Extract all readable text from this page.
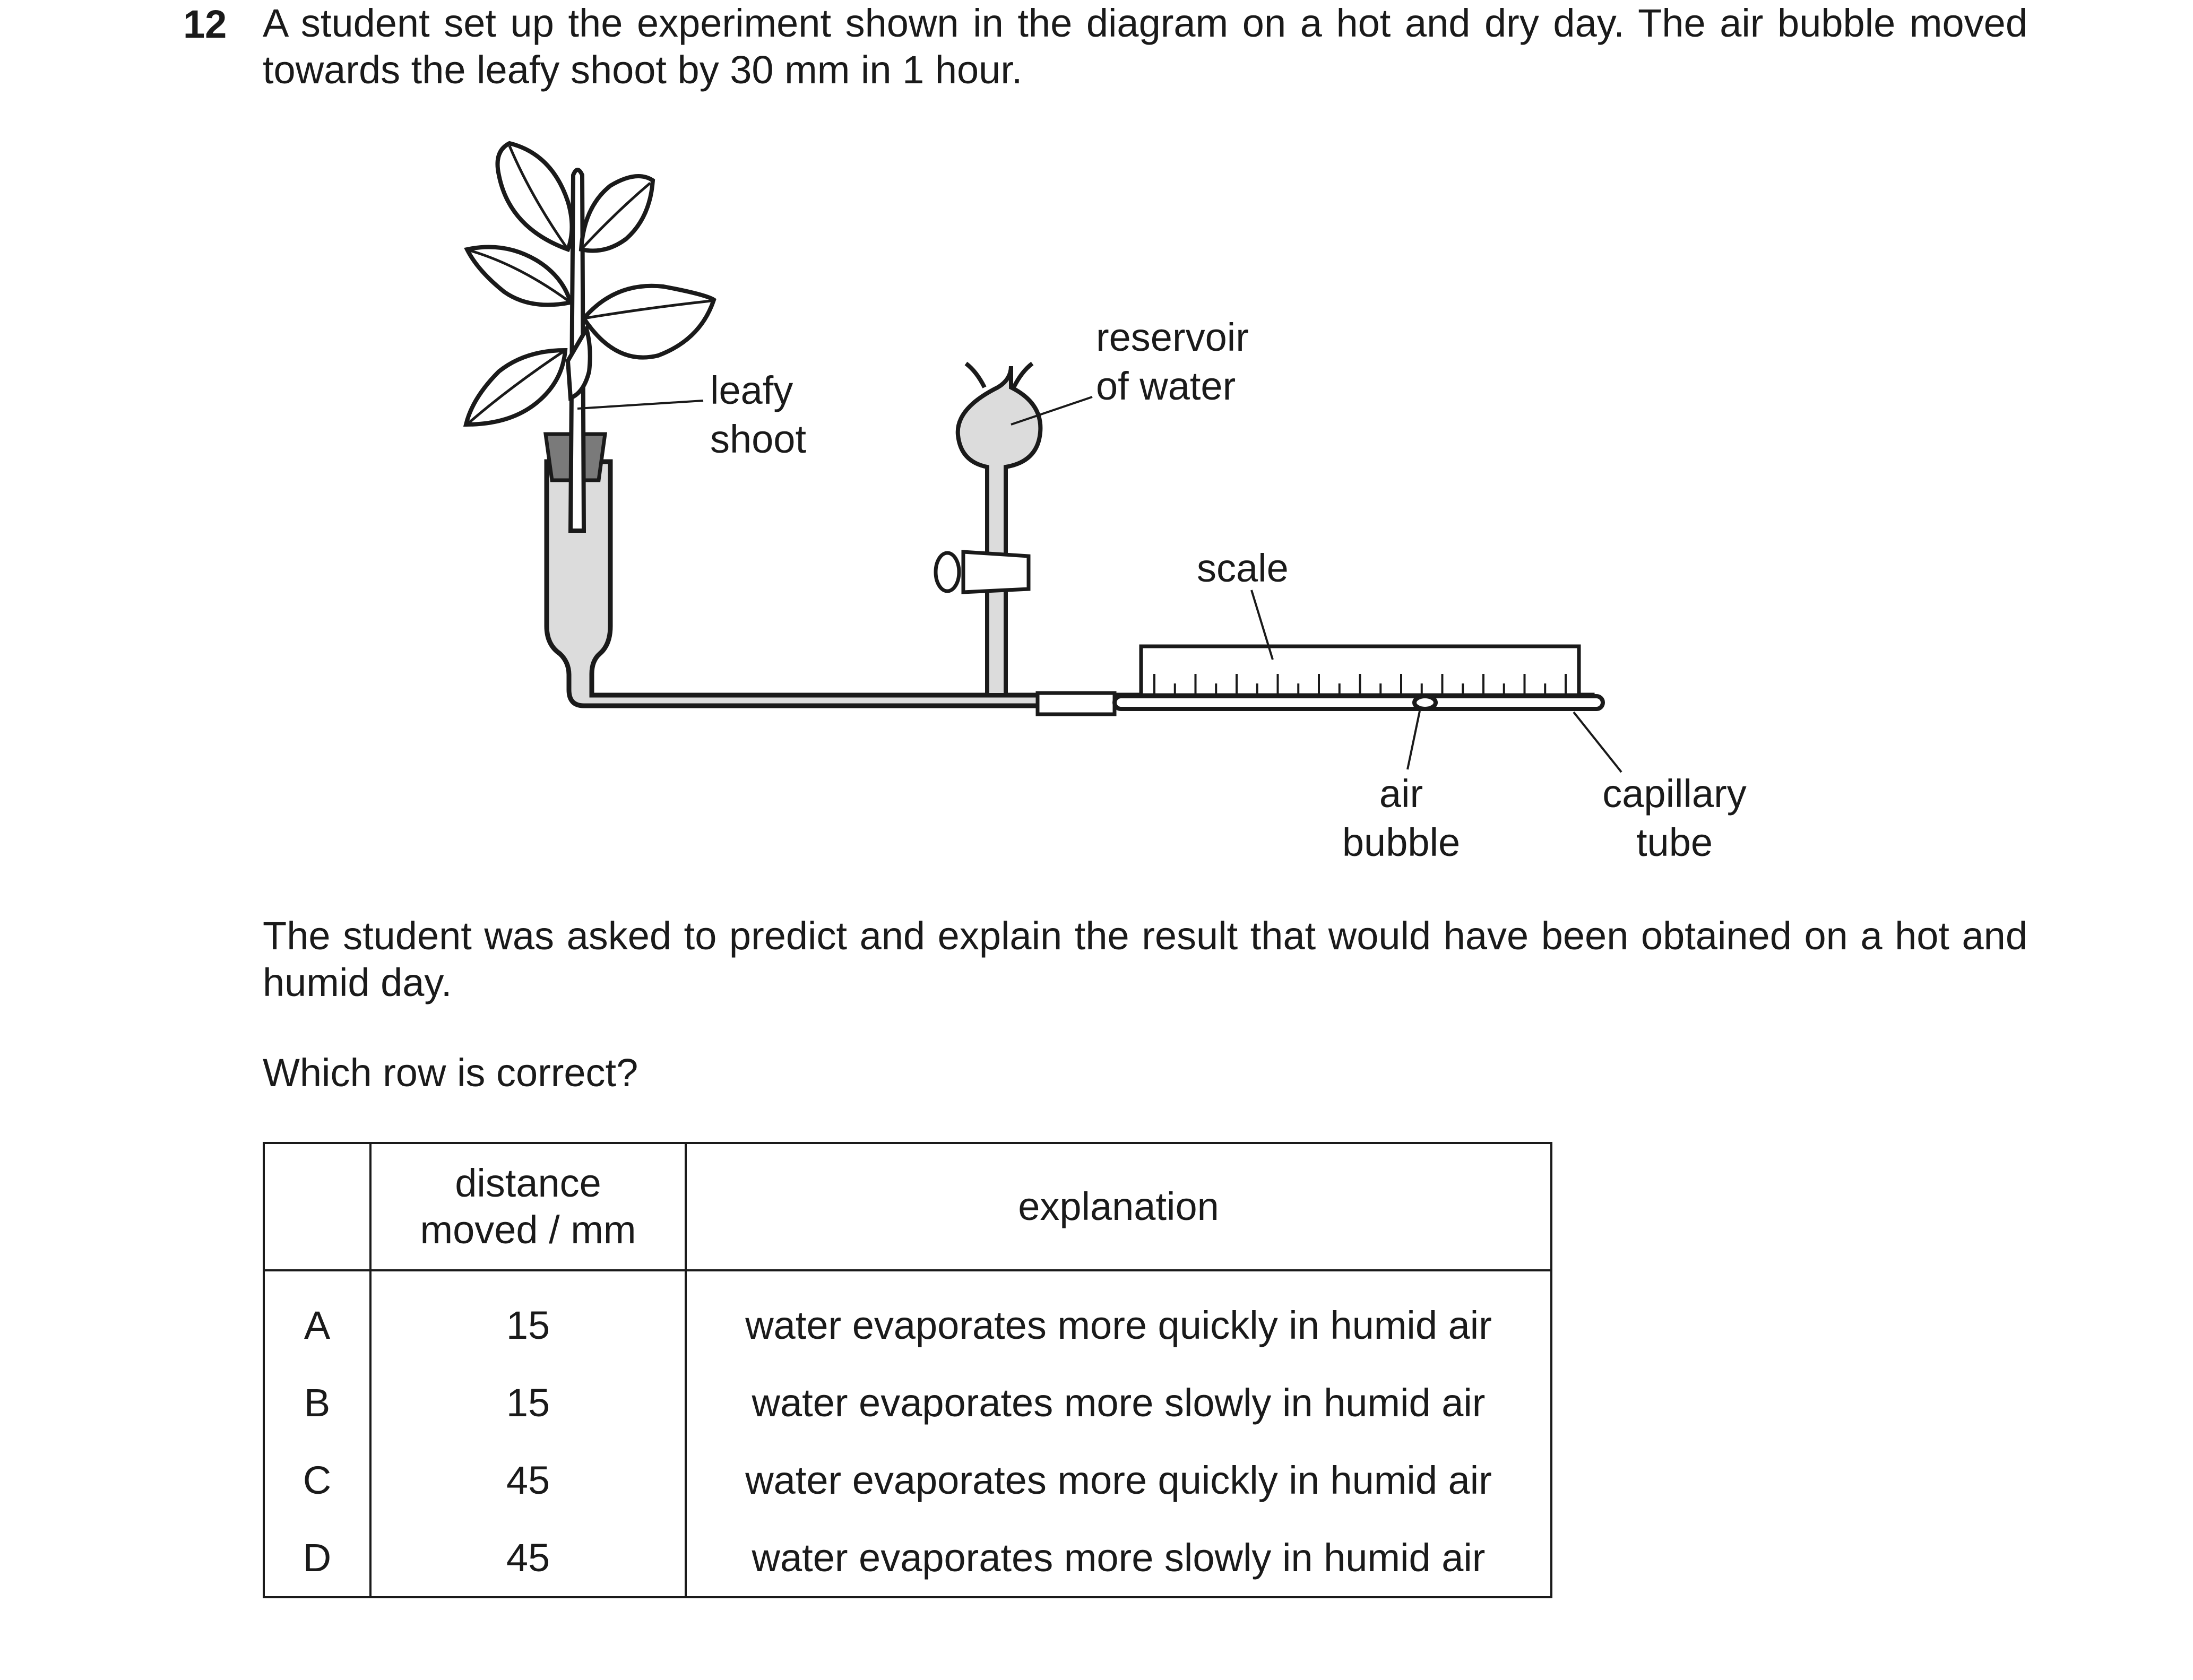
12 A student set up the experiment shown in the diagram on a hot and dry day. The air bubble moved towards the leafy shoot by 30 mm in 1 hour.
leafy
shoot
reservoir
of water
scale
air
bubble
capillary
tube
The student was asked to predict and explain the result that would have been obtained on a hot and humid day.
Which row is correct?

	distance
moved / mm	explanation
A	15	water evaporates more quickly in humid air
B	15	water evaporates more slowly in humid air
C	45	water evaporates more quickly in humid air
D	45	water evaporates more slowly in humid air
